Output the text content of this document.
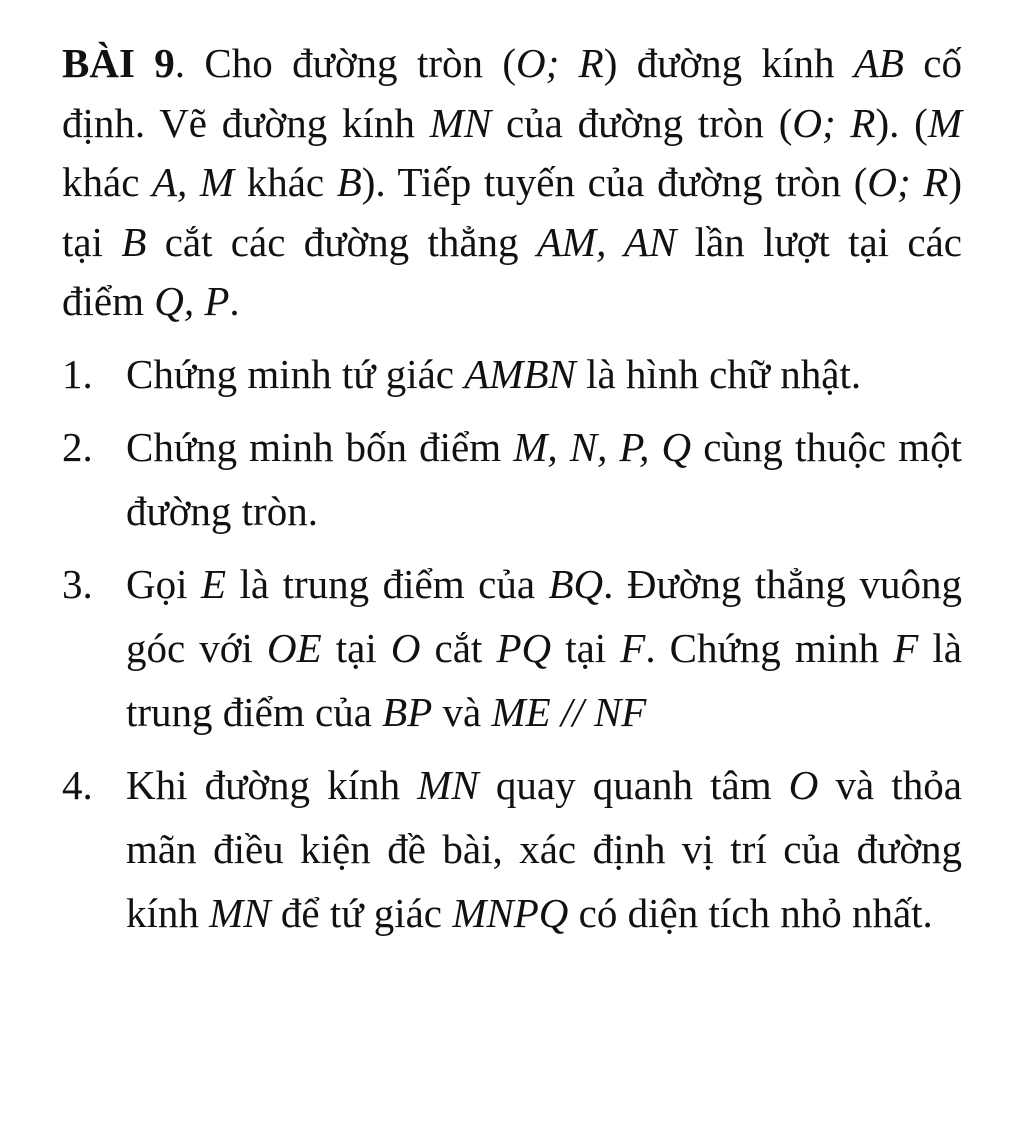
BÀI 9. Cho đường tròn (O; R) đường kính AB cố định. Vẽ đường kính MN của đường tròn (O; R). (M khác A, M khác B). Tiếp tuyến của đường tròn (O; R) tại B cắt các đường thẳng AM, AN lần lượt tại các điểm Q, P.

1. Chứng minh tứ giác AMBN là hình chữ nhật.
2. Chứng minh bốn điểm M, N, P, Q cùng thuộc một đường tròn.
3. Gọi E là trung điểm của BQ. Đường thẳng vuông góc với OE tại O cắt PQ tại F. Chứng minh F là trung điểm của BP và ME // NF
4. Khi đường kính MN quay quanh tâm O và thỏa mãn điều kiện đề bài, xác định vị trí của đường kính MN để tứ giác MNPQ có diện tích nhỏ nhất.
